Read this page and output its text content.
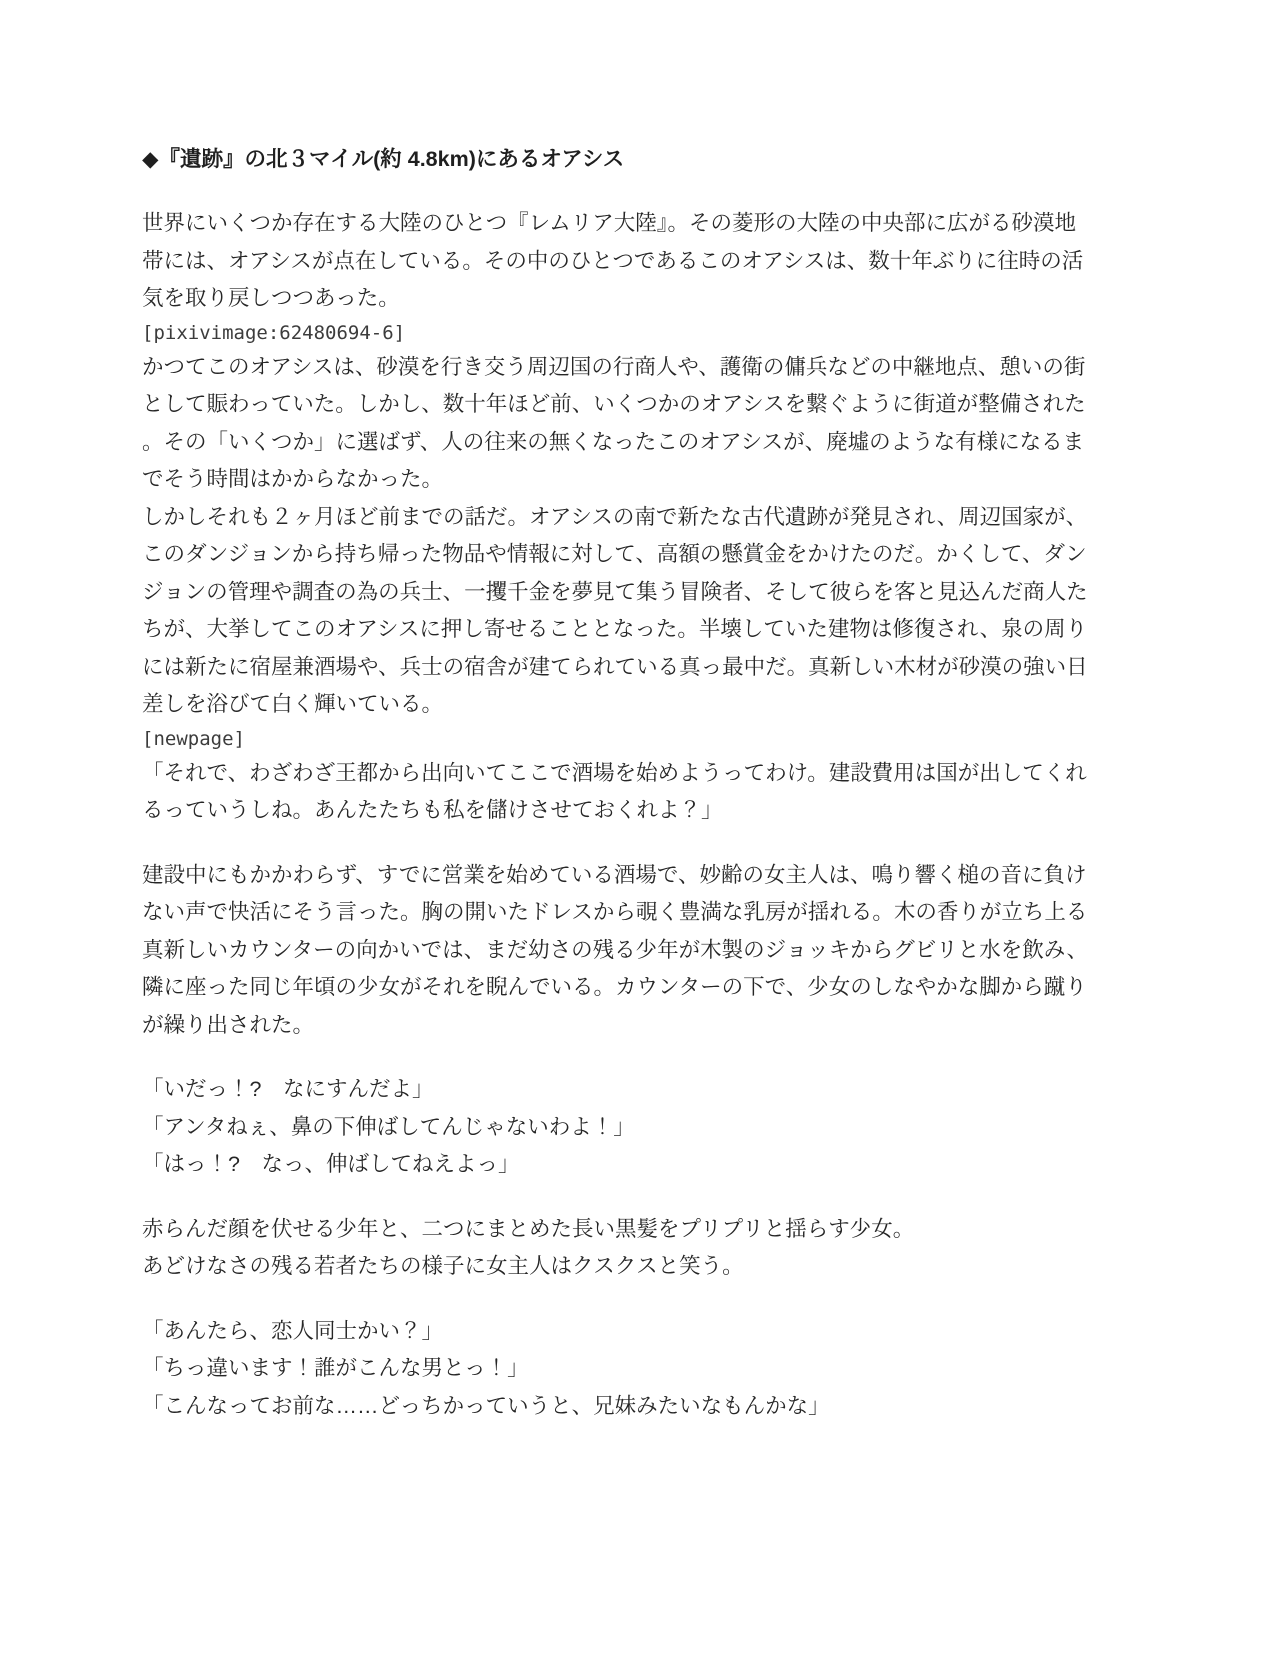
◆『遺跡』の北３マイル(約 4.8km)にあるオアシス

世界にいくつか存在する大陸のひとつ『レムリア大陸』。その菱形の大陸の中央部に広がる砂漠地

帯には、オアシスが点在している。その中のひとつであるこのオアシスは、数十年ぶりに往時の活

気を取り戻しつつあった。

[pixivimage:62480694-6]

かつてこのオアシスは、砂漠を行き交う周辺国の行商人や、護衛の傭兵などの中継地点、憩いの街

として賑わっていた。しかし、数十年ほど前、いくつかのオアシスを繋ぐように街道が整備された

。その「いくつか」に選ばず、人の往来の無くなったこのオアシスが、廃墟のような有様になるま

でそう時間はかからなかった。

しかしそれも２ヶ月ほど前までの話だ。オアシスの南で新たな古代遺跡が発見され、周辺国家が、

このダンジョンから持ち帰った物品や情報に対して、高額の懸賞金をかけたのだ。かくして、ダン

ジョンの管理や調査の為の兵士、一攫千金を夢見て集う冒険者、そして彼らを客と見込んだ商人た

ちが、大挙してこのオアシスに押し寄せることとなった。半壊していた建物は修復され、泉の周り

には新たに宿屋兼酒場や、兵士の宿舎が建てられている真っ最中だ。真新しい木材が砂漠の強い日

差しを浴びて白く輝いている。

[newpage]

「それで、わざわざ王都から出向いてここで酒場を始めようってわけ。建設費用は国が出してくれ

るっていうしね。あんたたちも私を儲けさせておくれよ？」

建設中にもかかわらず、すでに営業を始めている酒場で、妙齢の女主人は、鳴り響く槌の音に負け

ない声で快活にそう言った。胸の開いたドレスから覗く豊満な乳房が揺れる。木の香りが立ち上る

真新しいカウンターの向かいでは、まだ幼さの残る少年が木製のジョッキからグビリと水を飲み、

隣に座った同じ年頃の少女がそれを睨んでいる。カウンターの下で、少女のしなやかな脚から蹴り

が繰り出された。

「いだっ！?　なにすんだよ」

「アンタねぇ、鼻の下伸ばしてんじゃないわよ！」

「はっ！?　なっ、伸ばしてねえよっ」

赤らんだ顔を伏せる少年と、二つにまとめた長い黒髪をプリプリと揺らす少女。

あどけなさの残る若者たちの様子に女主人はクスクスと笑う。

「あんたら、恋人同士かい？」

「ちっ違います！誰がこんな男とっ！」

「こんなってお前な……どっちかっていうと、兄妹みたいなもんかな」
